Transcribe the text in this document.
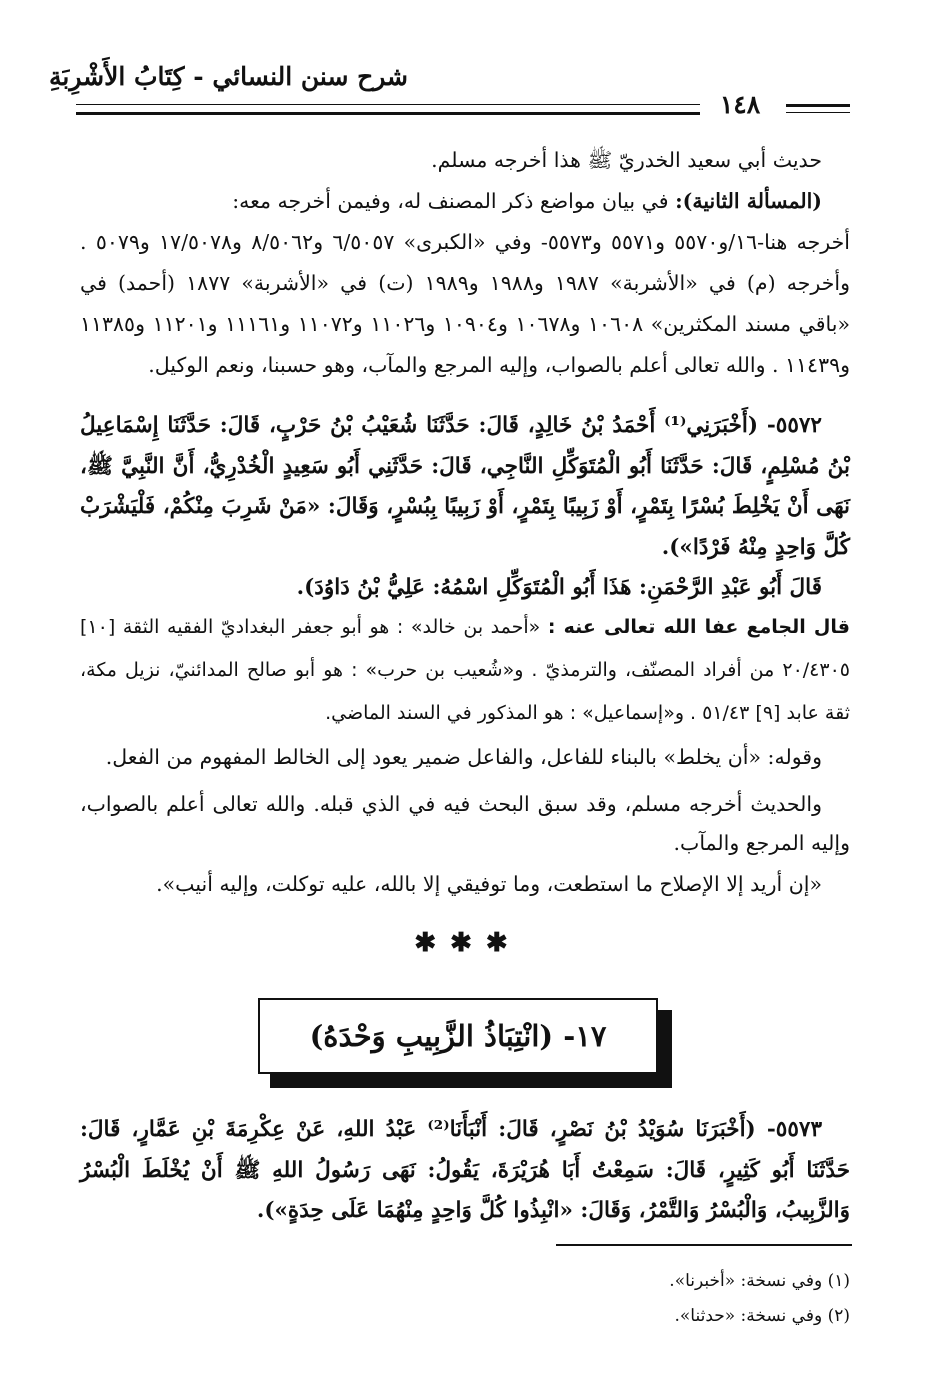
شرح سنن النسائي - كِتَابُ الأَشْرِبَةِ
١٤٨

حديث أبي سعيد الخدريّ ﷺ هذا أخرجه مسلم.

(المسألة الثانية): في بيان مواضع ذكر المصنف له، وفيمن أخرجه معه:

أخرجه هنا-١٦/و٥٥٧٠ و٥٥٧١ و٥٥٧٣- وفي «الكبرى» ٦/٥٠٥٧ و٨/٥٠٦٢ و١٧/٥٠٧٨ و٥٠٧٩ . وأخرجه (م) في «الأشربة» ١٩٨٧ و١٩٨٨ و١٩٨٩ (ت) في «الأشربة» ١٨٧٧ (أحمد) في «باقي مسند المكثرين» ١٠٦٠٨ و١٠٦٧٨ و١٠٩٠٤ و١١٠٢٦ و١١٠٧٢ و١١١٦١ و١١٢٠١ و١١٣٨٥ و١١٤٣٩ . والله تعالى أعلم بالصواب، وإليه المرجع والمآب، وهو حسبنا، ونعم الوكيل.

٥٥٧٢- (أَخْبَرَنِي⁽¹⁾ أَحْمَدُ بْنُ خَالِدٍ، قَالَ: حَدَّثَنَا شُعَيْبُ بْنُ حَرْبٍ، قَالَ: حَدَّثَنَا إِسْمَاعِيلُ بْنُ مُسْلِمٍ، قَالَ: حَدَّثَنَا أَبُو الْمُتَوَكِّلِ النَّاجِي، قَالَ: حَدَّثَنِي أَبُو سَعِيدٍ الْخُدْرِيُّ، أَنَّ النَّبِيَّ ﷺ، نَهَى أَنْ يَخْلِطَ بُسْرًا بِتَمْرٍ، أَوْ زَبِيبًا بِتَمْرٍ، أَوْ زَبِيبًا بِبُسْرٍ، وَقَالَ: «مَنْ شَرِبَ مِنْكُمْ، فَلْيَشْرَبْ كُلَّ وَاحِدٍ مِنْهُ فَرْدًا»).

قَالَ أَبُو عَبْدِ الرَّحْمَنِ: هَذَا أَبُو الْمُتَوَكِّلِ اسْمُهُ: عَلِيُّ بْنُ دَاوُدَ).

قال الجامع عفا الله تعالى عنه : «أحمد بن خالد» : هو أبو جعفر البغداديّ الفقيه الثقة [١٠] ٢٠/٤٣٠٥ من أفراد المصنّف، والترمذيّ . و«شُعيب بن حرب» : هو أبو صالح المدائنيّ، نزيل مكة، ثقة عابد [٩] ٥١/٤٣ . و«إسماعيل» : هو المذكور في السند الماضي.

وقوله: «أن يخلط» بالبناء للفاعل، والفاعل ضمير يعود إلى الخالط المفهوم من الفعل.

والحديث أخرجه مسلم، وقد سبق البحث فيه في الذي قبله. والله تعالى أعلم بالصواب، وإليه المرجع والمآب.

«إن أريد إلا الإصلاح ما استطعت، وما توفيقي إلا بالله، عليه توكلت، وإليه أنيب».

✱✱✱
١٧- (انْتِبَاذُ الزَّبِيبِ وَحْدَهُ)

٥٥٧٣- (أَخْبَرَنَا سُوَيْدُ بْنُ نَصْرٍ، قَالَ: أَنْبَأَنَا⁽²⁾ عَبْدُ اللهِ، عَنْ عِكْرِمَةَ بْنِ عَمَّارٍ، قَالَ: حَدَّثَنَا أَبُو كَثِيرٍ، قَالَ: سَمِعْتُ أَبَا هُرَيْرَةَ، يَقُولُ: نَهَى رَسُولُ اللهِ ﷺ أَنْ يُخْلَطَ الْبُسْرُ وَالزَّبِيبُ، وَالْبُسْرُ وَالتَّمْرُ، وَقَالَ: «انْبِذُوا كُلَّ وَاحِدٍ مِنْهُمَا عَلَى حِدَةٍ»).

(١) وفي نسخة: «أخبرنا».

(٢) وفي نسخة: «حدثنا».
